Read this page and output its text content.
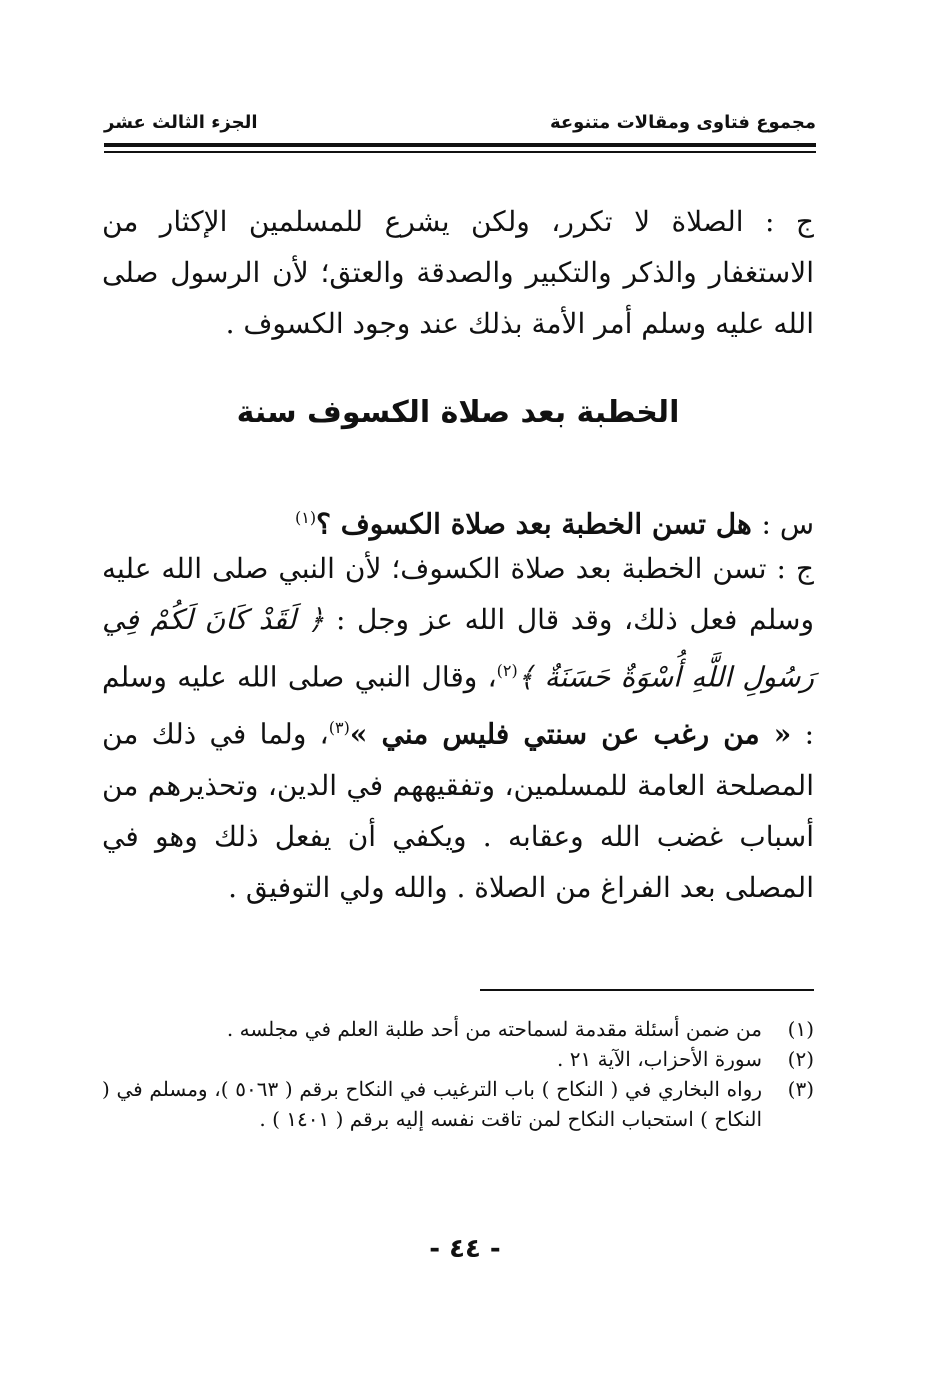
مجموع فتاوى ومقالات متنوعة
الجزء الثالث عشر
ج : الصلاة لا تكرر، ولكن يشرع للمسلمين الإكثار من الاستغفار والذكر والتكبير والصدقة والعتق؛ لأن الرسول صلى الله عليه وسلم أمر الأمة بذلك عند وجود الكسوف .
الخطبة بعد صلاة الكسوف سنة
س : هل تسن الخطبة بعد صلاة الكسوف ؟$^{(١)}$
ج : تسن الخطبة بعد صلاة الكسوف؛ لأن النبي صلى الله عليه وسلم فعل ذلك، وقد قال الله عز وجل : ﴿ لَقَدْ كَانَ لَكُمْ فِي رَسُولِ اللَّهِ أُسْوَةٌ حَسَنَةٌ ﴾$^{(٢)}$، وقال النبي صلى الله عليه وسلم : « من رغب عن سنتي فليس مني »$^{(٣)}$، ولما في ذلك من المصلحة العامة للمسلمين، وتفقيههم في الدين، وتحذيرهم من أسباب غضب الله وعقابه . ويكفي أن يفعل ذلك وهو في المصلى بعد الفراغ من الصلاة . والله ولي التوفيق .
(١)
من ضمن أسئلة مقدمة لسماحته من أحد طلبة العلم في مجلسه .
(٢)
سورة الأحزاب، الآية ٢١ .
(٣)
رواه البخاري في ( النكاح ) باب الترغيب في النكاح برقم ( ٥٠٦٣ )، ومسلم في ( النكاح ) استحباب النكاح لمن تاقت نفسه إليه برقم ( ١٤٠١ ) .
- ٤٤ -
